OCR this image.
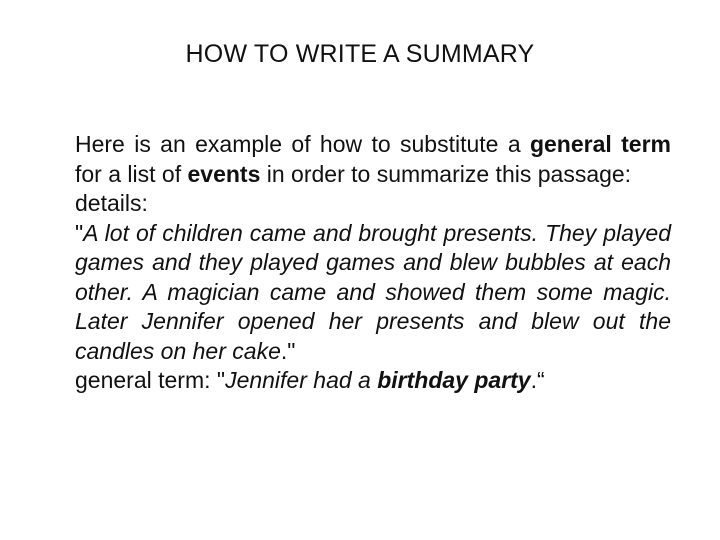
HOW TO WRITE A SUMMARY

Here is an example of how to substitute a general term for a list of events in order to summarize this passage:

details:

"A lot of children came and brought presents. They played games and they played games and blew bubbles at each other. A magician came and showed them some magic. Later Jennifer opened her presents and blew out the candles on her cake."

general term: "Jennifer had a birthday party.“
